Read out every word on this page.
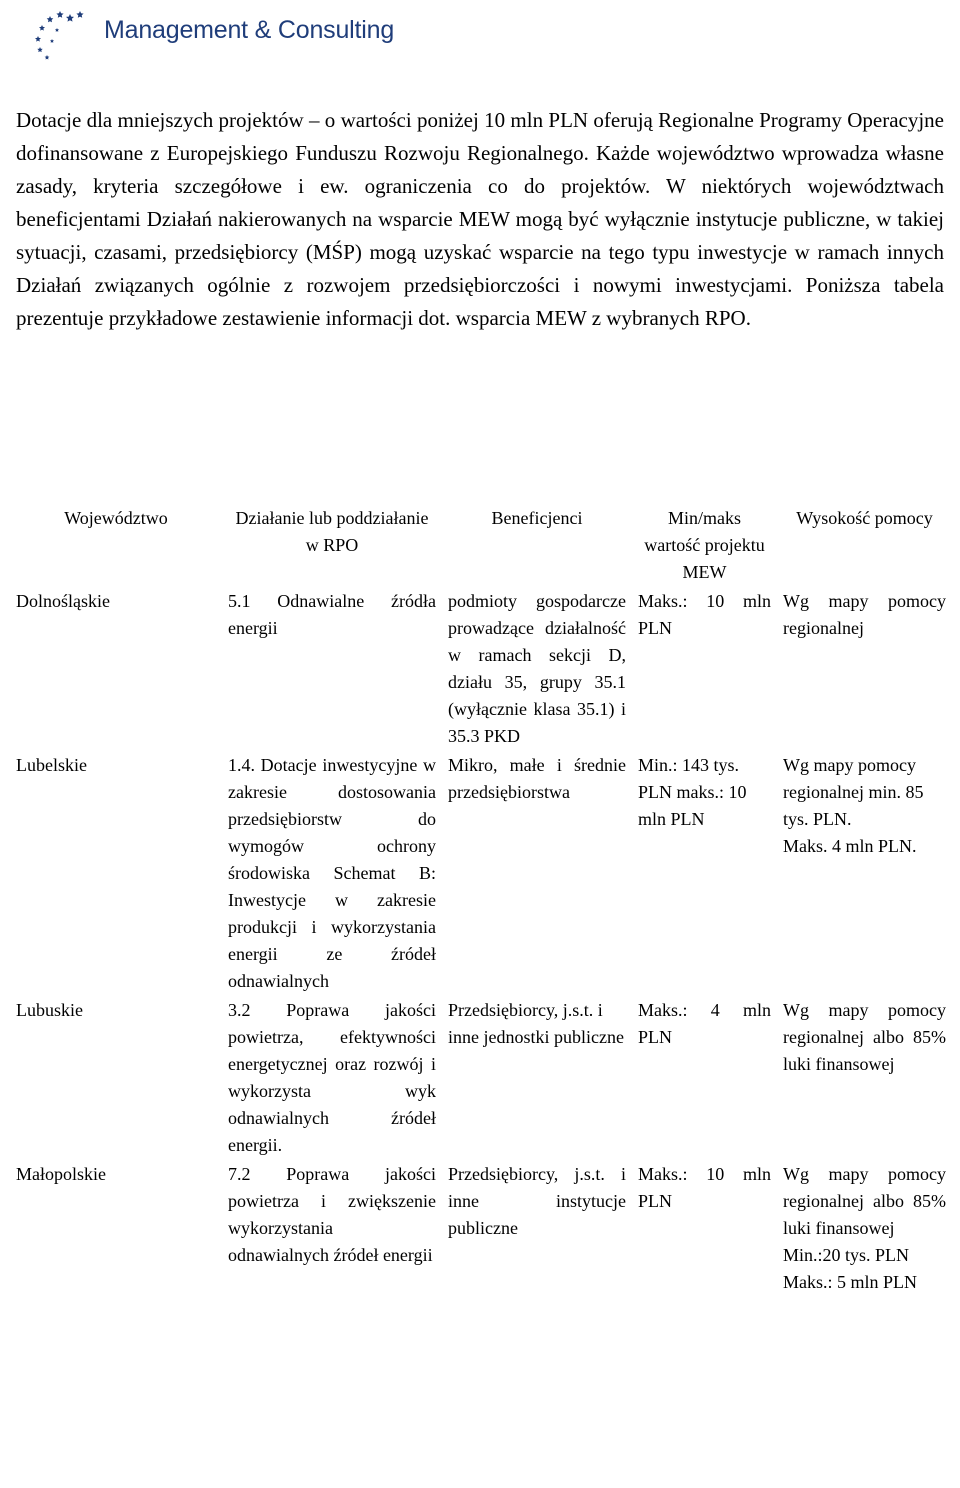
Management & Consulting

Dotacje dla mniejszych projektów – o wartości poniżej 10 mln PLN oferują Regionalne Programy Operacyjne dofinansowane z Europejskiego Funduszu Rozwoju Regionalnego. Każde województwo wprowadza własne zasady, kryteria szczegółowe i ew. ograniczenia co do projektów. W niektórych województwach beneficjentami Działań nakierowanych na wsparcie MEW mogą być wyłącznie instytucje publiczne, w takiej sytuacji, czasami, przedsiębiorcy (MŚP) mogą uzyskać wsparcie na tego typu inwestycje w ramach innych Działań związanych ogólnie z rozwojem przedsiębiorczości i nowymi inwestycjami. Poniższa tabela prezentuje przykładowe zestawienie informacji dot. wsparcia MEW z wybranych RPO.

Województwo	Działanie lub poddziałanie w RPO	Beneficjenci	Min/maks wartość projektu MEW	Wysokość pomocy
Dolnośląskie	5.1 Odnawialne źródła energii	podmioty gospodarcze prowadzące działalność w ramach sekcji D, działu 35, grupy 35.1 (wyłącznie klasa 35.1) i 35.3 PKD	Maks.: 10 mln PLN	Wg mapy pomocy regionalnej
Lubelskie	1.4. Dotacje inwestycyjne w zakresie dostosowania przedsiębiorstw do wymogów ochrony środowiska Schemat B: Inwestycje w zakresie produkcji i wykorzystania energii ze źródeł odnawialnych	Mikro, małe i średnie przedsiębiorstwa	Min.: 143 tys. PLN maks.: 10 mln PLN	Wg mapy pomocy regionalnej min. 85 tys. PLN.
Maks. 4 mln PLN.

Lubuskie	3.2 Poprawa jakości powietrza, efektywności energetycznej oraz rozwój i wykorzysta wyk odnawialnych źródeł energii.	Przedsiębiorcy, j.s.t. i inne jednostki publiczne	Maks.: 4 mln PLN	Wg mapy pomocy regionalnej albo 85% luki finansowej
Małopolskie	7.2 Poprawa jakości powietrza i zwiększenie wykorzystania odnawialnych źródeł energii	Przedsiębiorcy, j.s.t. i inne instytucje publiczne	Maks.: 10 mln PLN	Wg mapy pomocy regionalnej albo 85% luki finansowej
Min.:20 tys. PLN
Maks.: 5 mln PLN
